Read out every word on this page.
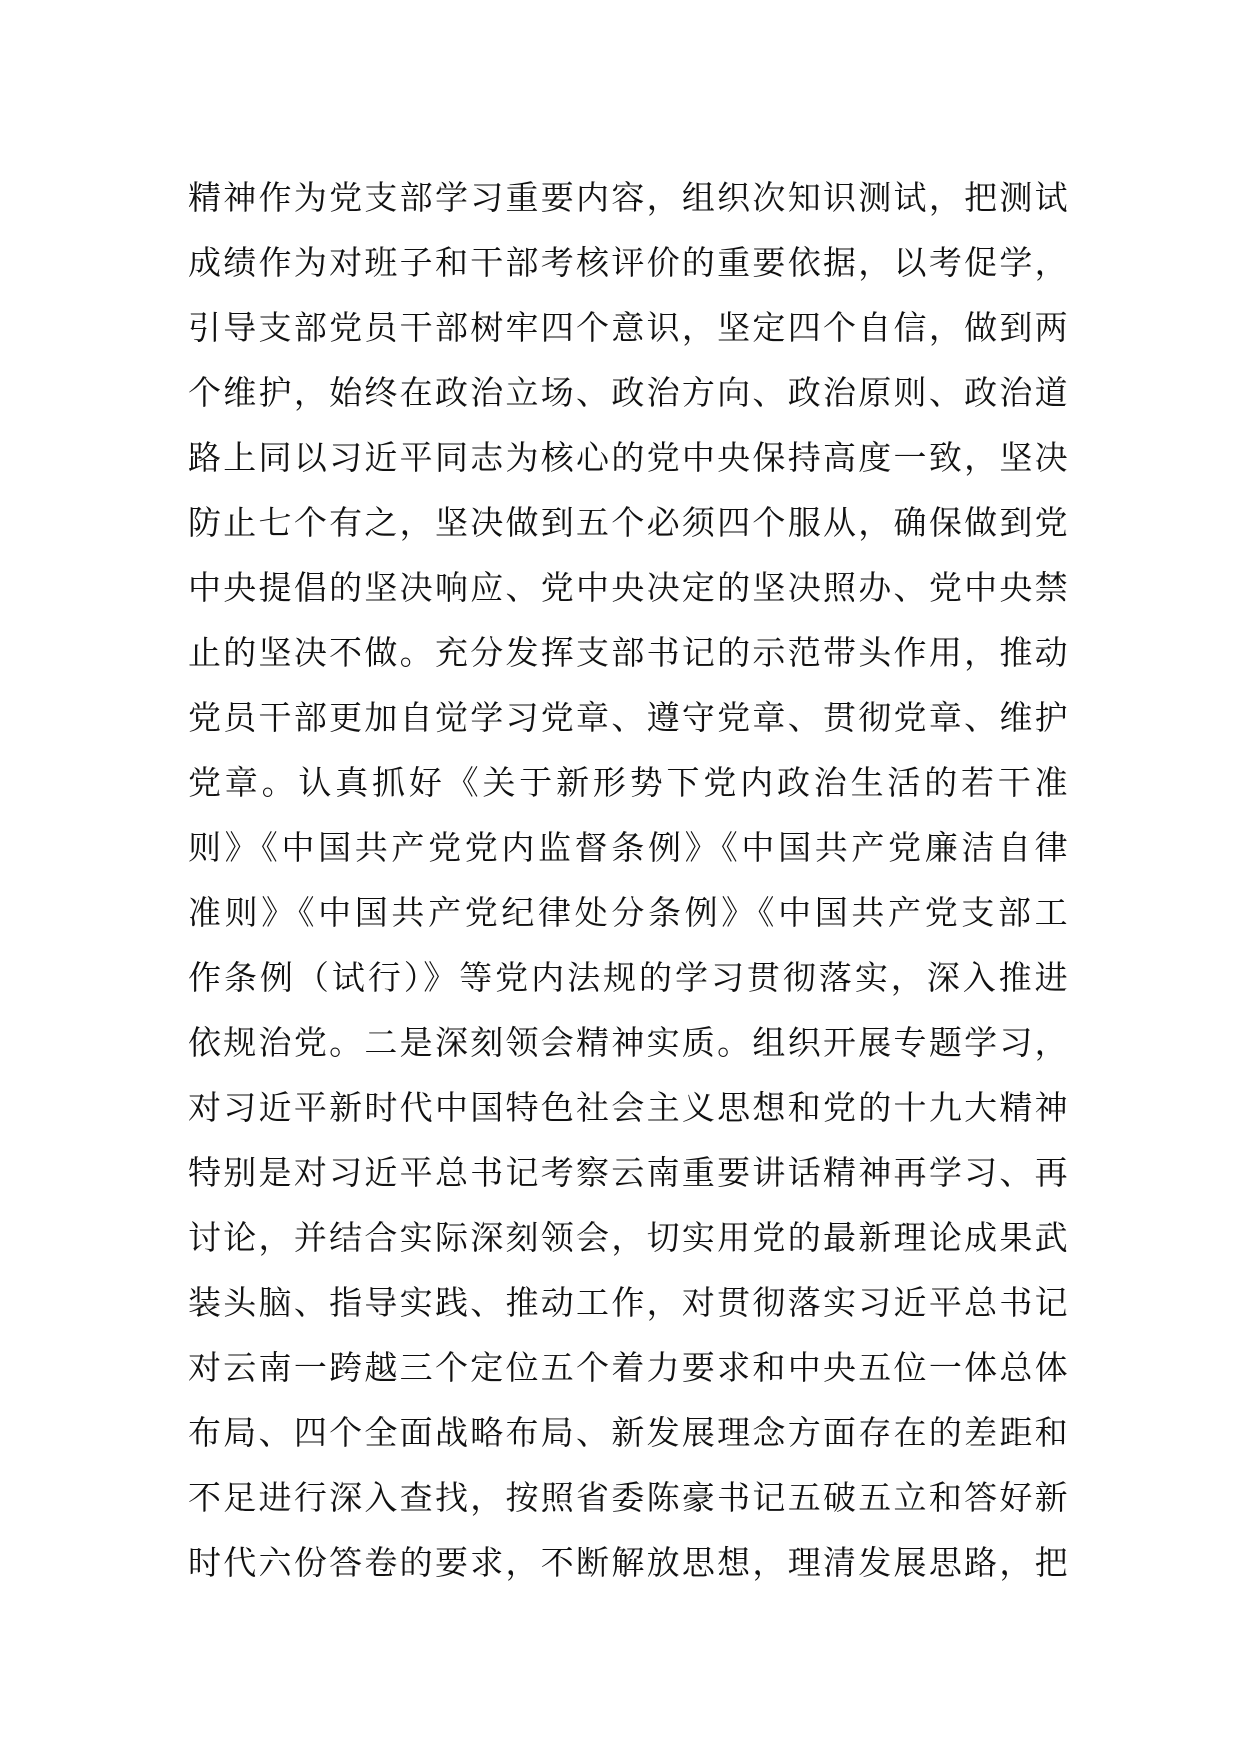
精神作为党支部学习重要内容，组织次知识测试，把测试
成绩作为对班子和干部考核评价的重要依据，以考促学，
引导支部党员干部树牢四个意识，坚定四个自信，做到两
个维护，始终在政治立场、政治方向、政治原则、政治道
路上同以习近平同志为核心的党中央保持高度一致，坚决
防止七个有之，坚决做到五个必须四个服从，确保做到党
中央提倡的坚决响应、党中央决定的坚决照办、党中央禁
止的坚决不做。充分发挥支部书记的示范带头作用，推动
党员干部更加自觉学习党章、遵守党章、贯彻党章、维护
党章。认真抓好《关于新形势下党内政治生活的若干准
则》《中国共产党党内监督条例》《中国共产党廉洁自律
准则》《中国共产党纪律处分条例》《中国共产党支部工
作条例（试行）》等党内法规的学习贯彻落实，深入推进
依规治党。二是深刻领会精神实质。组织开展专题学习，
对习近平新时代中国特色社会主义思想和党的十九大精神
特别是对习近平总书记考察云南重要讲话精神再学习、再
讨论，并结合实际深刻领会，切实用党的最新理论成果武
装头脑、指导实践、推动工作，对贯彻落实习近平总书记
对云南一跨越三个定位五个着力要求和中央五位一体总体
布局、四个全面战略布局、新发展理念方面存在的差距和
不足进行深入查找，按照省委陈豪书记五破五立和答好新
时代六份答卷的要求，不断解放思想，理清发展思路，把
